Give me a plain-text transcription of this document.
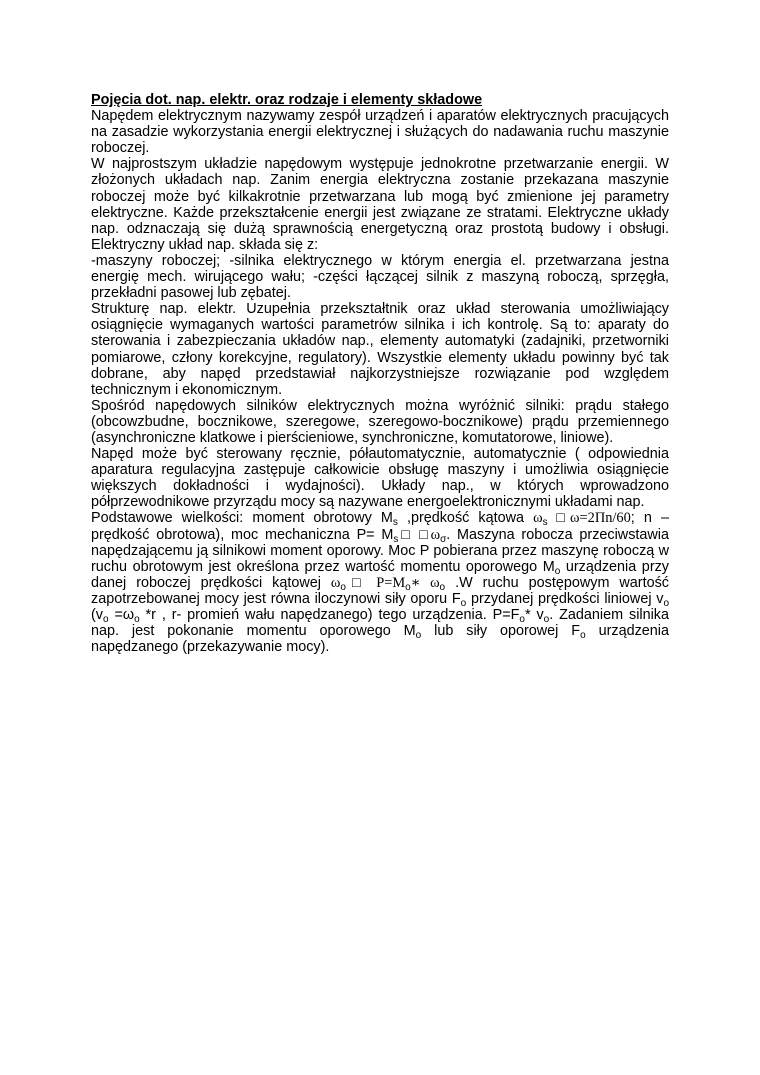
Pojęcia dot. nap. elektr. oraz rodzaje i elementy składowe

Napędem elektrycznym nazywamy zespół urządzeń i aparatów elektrycznych pracujących na zasadzie wykorzystania energii elektrycznej i służących do nadawania ruchu maszynie roboczej.

W najprostszym układzie napędowym występuje jednokrotne przetwarzanie energii. W złożonych układach nap. Zanim energia elektryczna zostanie przekazana maszynie roboczej może być kilkakrotnie przetwarzana lub mogą być zmienione jej parametry elektryczne. Każde przekształcenie energii jest związane ze stratami. Elektryczne układy nap. odznaczają się dużą sprawnością energetyczną oraz prostotą budowy i obsługi. Elektryczny układ nap. składa się z:

-maszyny roboczej; -silnika elektrycznego w którym energia el. przetwarzana jestna energię mech. wirującego wału; -części łączącej silnik z maszyną roboczą, sprzęgła, przekładni pasowej lub zębatej.

Strukturę nap. elektr. Uzupełnia przekształtnik oraz układ sterowania umożliwiający osiągnięcie wymaganych wartości parametrów silnika i ich kontrolę. Są to: aparaty do sterowania i zabezpieczania układów nap., elementy automatyki (zadajniki, przetworniki pomiarowe, człony korekcyjne, regulatory). Wszystkie elementy układu powinny być tak dobrane, aby napęd przedstawiał najkorzystniejsze rozwiązanie pod względem technicznym i ekonomicznym.

Spośród napędowych silników elektrycznych można wyróżnić silniki: prądu stałego (obcowzbudne, bocznikowe, szeregowe, szeregowo-bocznikowe) prądu przemiennego (asynchroniczne klatkowe i pierścieniowe, synchroniczne, komutatorowe, liniowe).

Napęd może być sterowany ręcznie, półautomatycznie, automatycznie ( odpowiednia aparatura regulacyjna zastępuje całkowicie obsługę maszyny i umożliwia osiągnięcie większych dokładności i wydajności). Układy nap., w których wprowadzono półprzewodnikowe przyrządu mocy są nazywane energoelektronicznymi układami nap.

Podstawowe wielkości: moment obrotowy $M_s$ ,prędkość kątowa $\omega_s$ □ω=2Πn/60; n – prędkość obrotowa), moc mechaniczna $P= M_s□$ $□\omega_\sigma$. Maszyna robocza przeciwstawia napędzającemu ją silnikowi moment oporowy. Moc P pobierana przez maszynę roboczą w ruchu obrotowym jest określona przez wartość momentu oporowego $M_o$ urządzenia przy danej roboczej prędkości kątowej $\omega_o□$ $P=M_o∗$ $\omega_o$ .W ruchu postępowym wartość zapotrzebowanej mocy jest równa iloczynowi siły oporu $F_o$ przydanej prędkości liniowej $v_o$ ($v_o =\omega_o$ *r , r- promień wału napędzanego) tego urządzenia. $P=F_o*$ $v_o$. Zadaniem silnika nap. jest pokonanie momentu oporowego $M_o$ lub siły oporowej $F_o$ urządzenia napędzanego (przekazywanie mocy).
